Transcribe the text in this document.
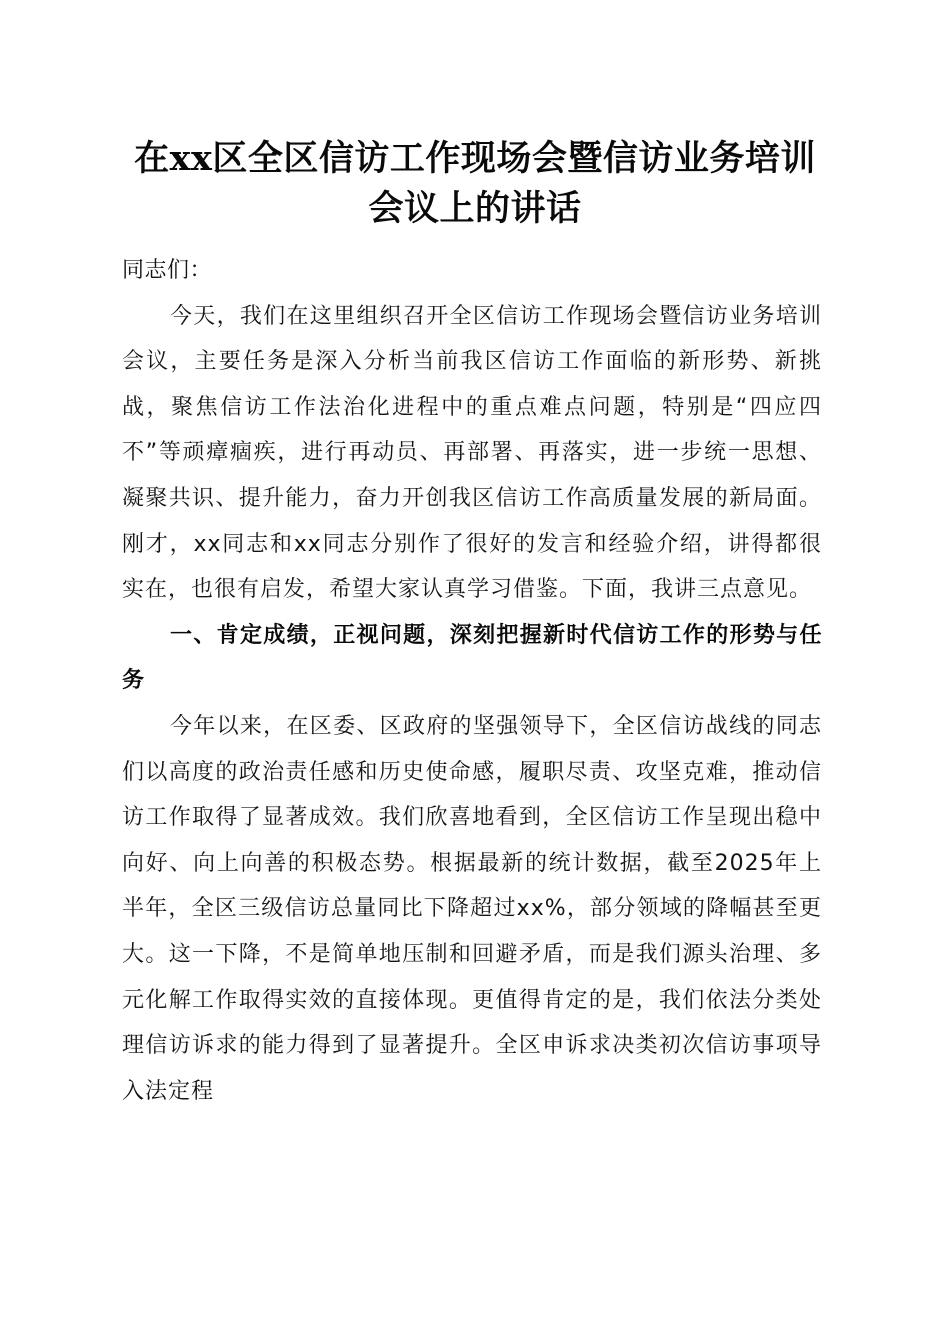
在xx区全区信访工作现场会暨信访业务培训
会议上的讲话

同志们：

今天，我们在这里组织召开全区信访工作现场会暨信访业务培训会议，主要任务是深入分析当前我区信访工作面临的新形势、新挑战，聚焦信访工作法治化进程中的重点难点问题，特别是“四应四不”等顽瘴痼疾，进行再动员、再部署、再落实，进一步统一思想、凝聚共识、提升能力，奋力开创我区信访工作高质量发展的新局面。刚才，xx同志和xx同志分别作了很好的发言和经验介绍，讲得都很实在，也很有启发，希望大家认真学习借鉴。下面，我讲三点意见。

一、肯定成绩，正视问题，深刻把握新时代信访工作的形势与任务

今年以来，在区委、区政府的坚强领导下，全区信访战线的同志们以高度的政治责任感和历史使命感，履职尽责、攻坚克难，推动信访工作取得了显著成效。我们欣喜地看到，全区信访工作呈现出稳中向好、向上向善的积极态势。根据最新的统计数据，截至2025年上半年，全区三级信访总量同比下降超过xx%，部分领域的降幅甚至更大。这一下降，不是简单地压制和回避矛盾，而是我们源头治理、多元化解工作取得实效的直接体现。更值得肯定的是，我们依法分类处理信访诉求的能力得到了显著提升。全区申诉求决类初次信访事项导入法定程
